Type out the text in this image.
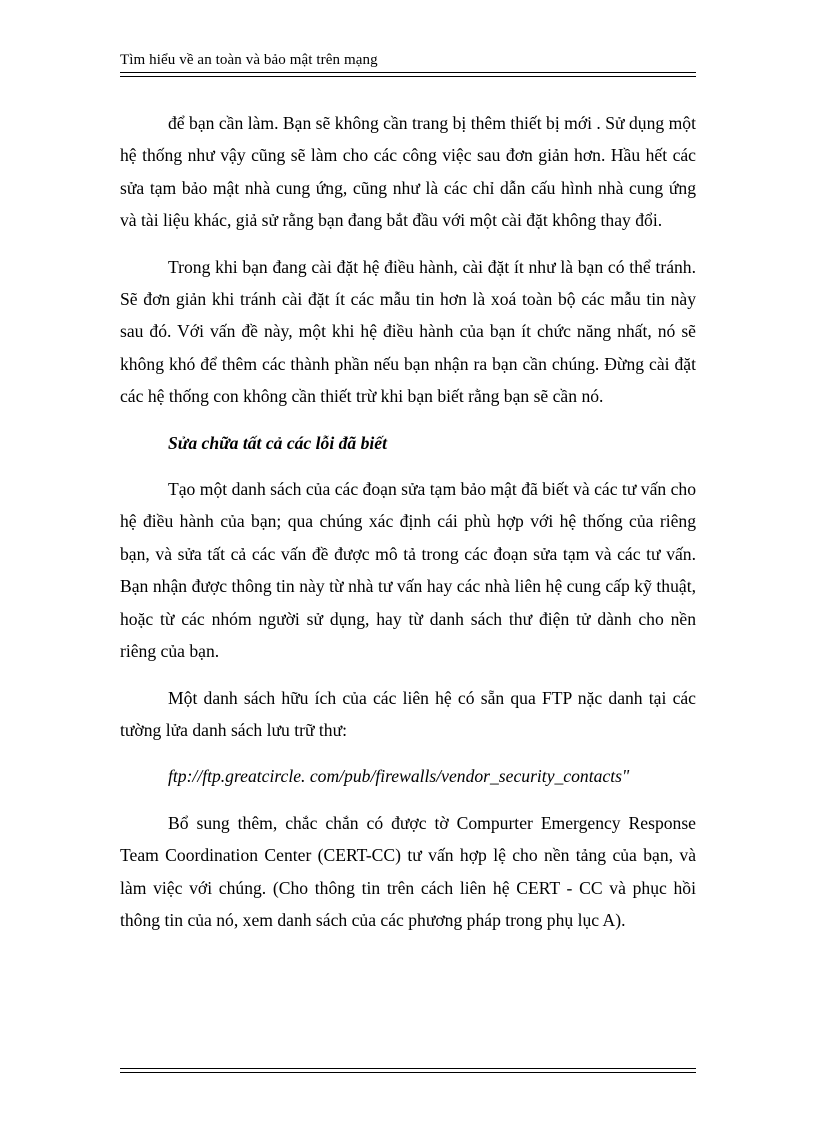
Tìm hiểu về an toàn và bảo mật trên mạng

để bạn cần làm. Bạn sẽ không cần trang bị thêm thiết bị mới . Sử dụng một hệ thống như vậy cũng sẽ làm cho các công việc sau đơn giản hơn. Hầu hết các sửa tạm bảo mật nhà cung ứng, cũng như là các chỉ dẫn cấu hình nhà cung ứng và tài liệu khác, giả sử rằng bạn đang bắt đầu với một cài đặt không thay đổi.

Trong khi bạn đang cài đặt hệ điều hành, cài đặt ít như là bạn có thể tránh. Sẽ đơn giản khi tránh cài đặt ít các mẫu tin hơn là xoá toàn bộ các mẫu tin này sau đó. Với vấn đề này, một khi hệ điều hành của bạn ít chức năng nhất, nó sẽ không khó để thêm các thành phần nếu bạn nhận ra bạn cần chúng. Đừng cài đặt các hệ thống con không cần thiết trừ khi bạn biết rằng bạn sẽ cần nó.

Sửa chữa tất cả các lỗi đã biết

Tạo một danh sách của các đoạn sửa tạm bảo mật đã biết và các tư vấn cho hệ điều hành của bạn; qua chúng xác định cái phù hợp với hệ thống của riêng bạn, và sửa tất cả các vấn đề được mô tả trong các đoạn sửa tạm và các tư vấn. Bạn nhận được thông tin này từ nhà tư vấn hay các nhà liên hệ cung cấp kỹ thuật, hoặc từ các nhóm người sử dụng, hay từ danh sách thư điện tử dành cho nền riêng của bạn.

Một danh sách hữu ích của các liên hệ có sẵn qua FTP nặc danh tại các tường lửa danh sách lưu trữ thư:

ftp://ftp.greatcircle. com/pub/firewalls/vendor_security_contacts"

Bổ sung thêm, chắc chắn có được tờ Compurter Emergency Response Team Coordination Center (CERT-CC) tư vấn hợp lệ cho nền tảng của bạn, và làm việc với chúng. (Cho thông tin trên cách liên hệ CERT - CC và phục hồi thông tin của nó, xem danh sách của các phương pháp trong phụ lục A).
